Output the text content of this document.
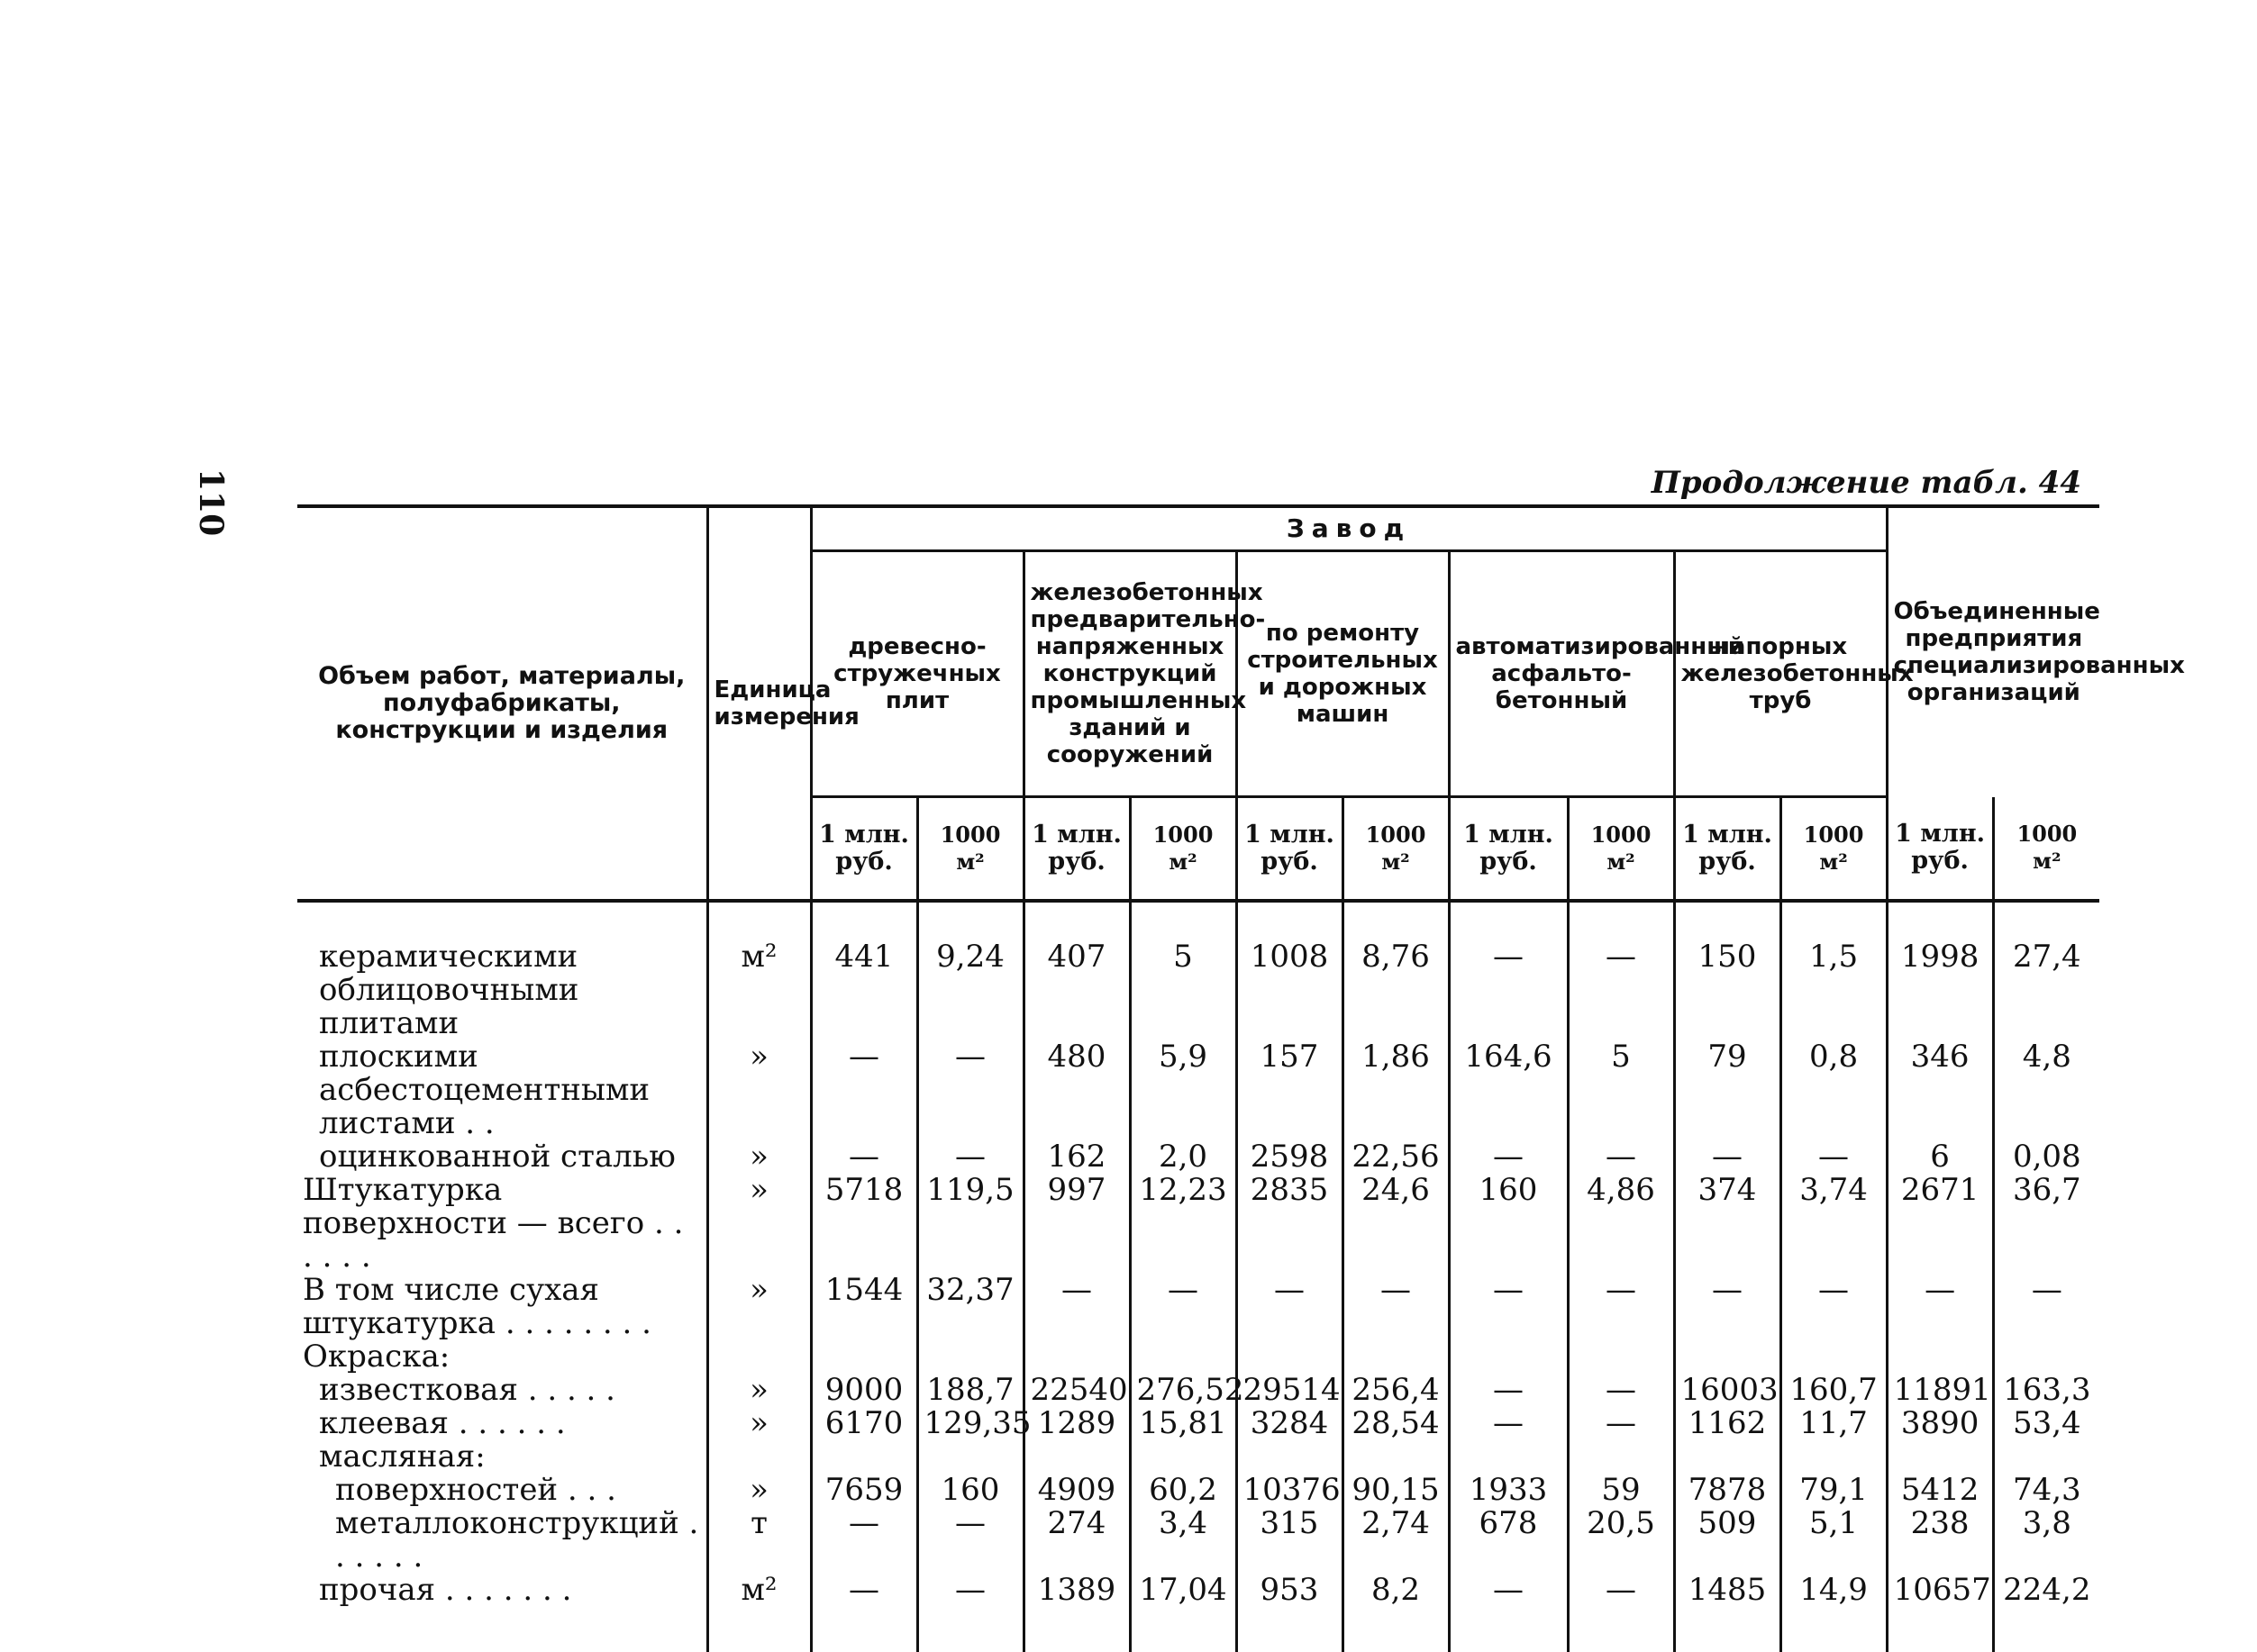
110	Продолжение табл. 44
Объем работ, материалы, полуфабрикаты, конструкции и изделия	Единица измерения	Завод										Объединенные предприятия специализированных организаций	
		древесно-стружечных плит		железобетонных предварительно-напряженных конструкций промышленных зданий и сооружений		по ремонту строительных и дорожных машин		автоматизированный асфальто-бетонный		напорных железобетонных труб			
		1 млн. руб.	1000 м²	1 млн. руб.	1000 м²	1 млн. руб.	1000 м²	1 млн. руб.	1000 м²	1 млн. руб.	1000 м²	1 млн. руб.	1000 м²
керамическими облицовочными плитами	м²	441	9,24	407	5	1008	8,76	—	—	150	1,5	1998	27,4
плоскими асбестоцементными листами . .	»	—	—	480	5,9	157	1,86	164,6	5	79	0,8	346	4,8
оцинкованной сталью	»	—	—	162	2,0	2598	22,56	—	—	—	—	6	0,08
Штукатурка поверхности — всего . . . . . .	»	5718	119,5	997	12,23	2835	24,6	160	4,86	374	3,74	2671	36,7
В том числе сухая штукатурка . . . . . . . .	»	1544	32,37	—	—	—	—	—	—	—	—	—	—
Окраска:													
известковая . . . . .	»	9000	188,7	22540	276,52	29514	256,4	—	—	16003	160,7	11891	163,3
клеевая . . . . . .	»	6170	129,35	1289	15,81	3284	28,54	—	—	1162	11,7	3890	53,4
масляная:													
поверхностей . . .	»	7659	160	4909	60,2	10376	90,15	1933	59	7878	79,1	5412	74,3
металлоконструкций . . . . . .	т	—	—	274	3,4	315	2,74	678	20,5	509	5,1	238	3,8
прочая . . . . . . .	м²	—	—	1389	17,04	953	8,2	—	—	1485	14,9	10657	224,2
